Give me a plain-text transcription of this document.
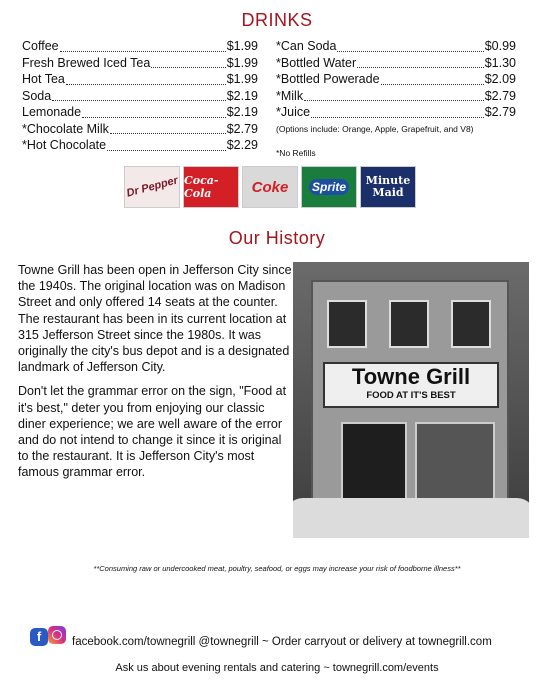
DRINKS
Coffee	$1.99
Fresh Brewed Iced Tea	$1.99
Hot Tea	$1.99
Soda	$2.19
Lemonade	$2.19
*Chocolate Milk	$2.79
*Hot Chocolate	$2.29
*Can Soda	$0.99
*Bottled Water	$1.30
*Bottled Powerade	$2.09
*Milk	$2.79
*Juice	$2.79
(Options include: Orange, Apple, Grapefruit, and V8)
*No Refills
Dr Pepper Coca-Cola	Coke Sprite Minute
Maid
Our History

Towne Grill has been open in Jefferson City since the 1940s. The original location was on Madison Street and only offered 14 seats at the counter. The restaurant has been in its current location at 315 Jefferson Street since the 1980s. It was originally the city's bus depot and is a designated landmark of Jefferson City.

Don't let the grammar error on the sign, "Food at it's best," deter you from enjoying our classic diner experience; we are well aware of the error and do not intend to change it since it is original to the restaurant. It is Jefferson City's most famous grammar error.

Towne Grill
FOOD AT IT'S BEST
**Consuming raw or undercooked meat, poultry, seafood, or eggs may increase your risk of foodborne illness**
f	facebook.com/townegrill @townegrill ~ Order carryout or delivery at townegrill.com
Ask us about evening rentals and catering ~ townegrill.com/events
